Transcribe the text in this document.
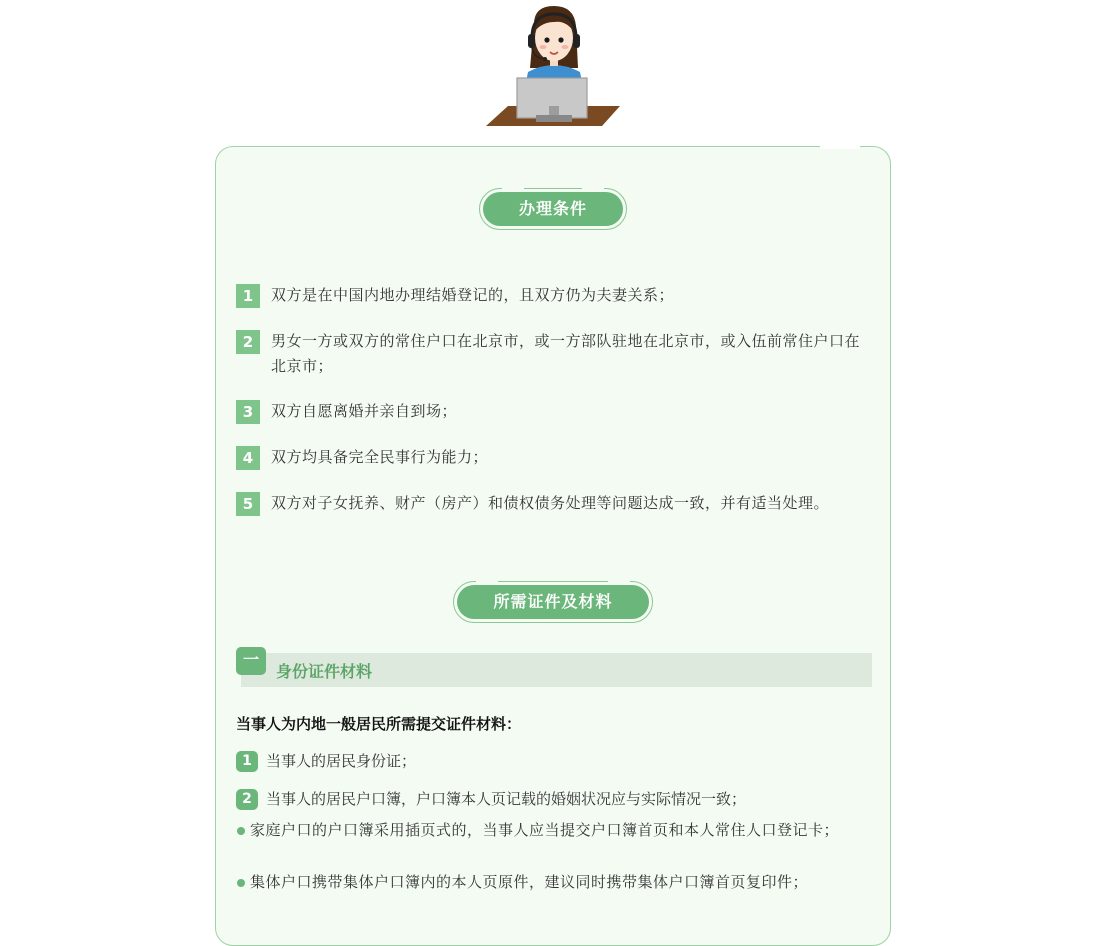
办理条件
1	双方是在中国内地办理结婚登记的，且双方仍为夫妻关系；
2	男女一方或双方的常住户口在北京市，或一方部队驻地在北京市，或入伍前常住户口在北京市；
3	双方自愿离婚并亲自到场；
4	双方均具备完全民事行为能力；
5	双方对子女抚养、财产（房产）和债权债务处理等问题达成一致，并有适当处理。
所需证件及材料
一
身份证件材料
当事人为内地一般居民所需提交证件材料：
1 当事人的居民身份证；
2 当事人的居民户口簿，户口簿本人页记载的婚姻状况应与实际情况一致；
家庭户口的户口簿采用插页式的，当事人应当提交户口簿首页和本人常住人口登记卡；
集体户口携带集体户口簿内的本人页原件，建议同时携带集体户口簿首页复印件；
